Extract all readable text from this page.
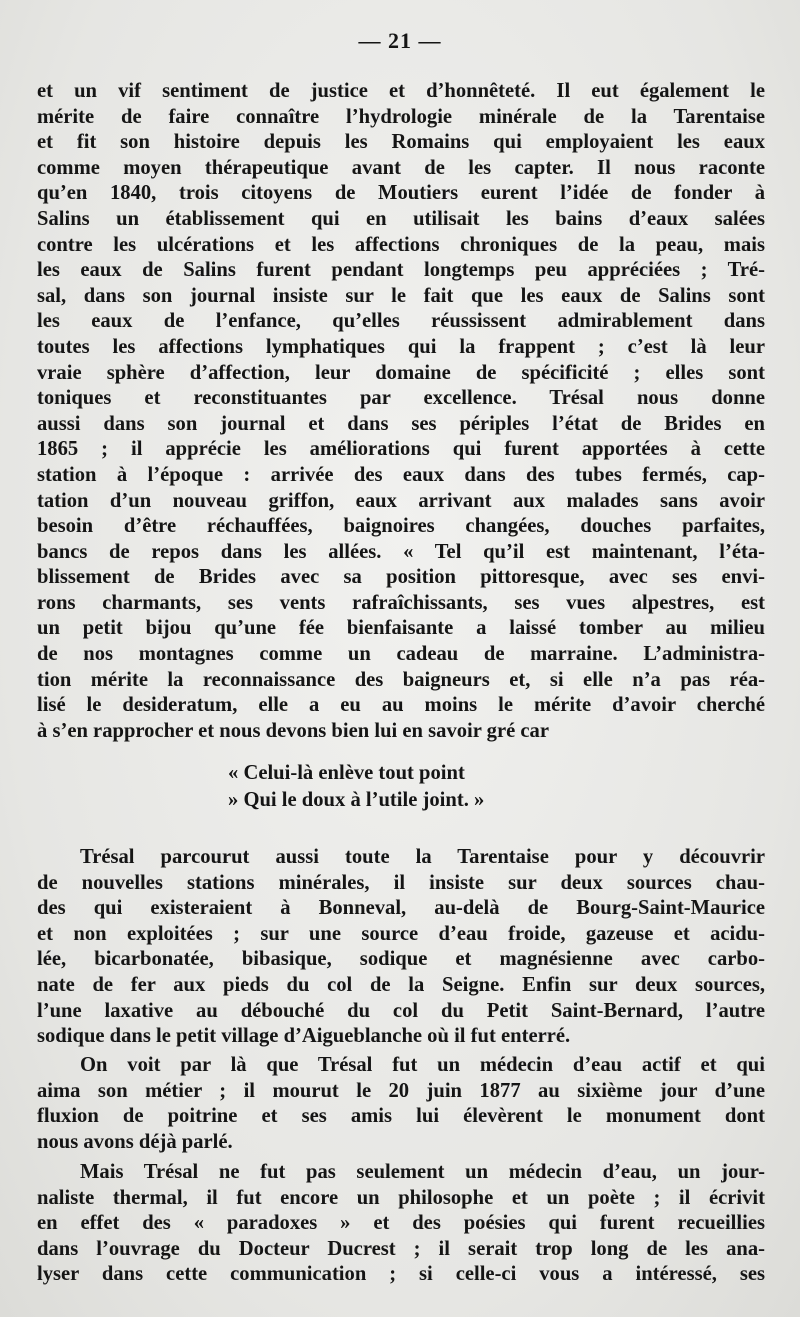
— 21 —
et un vif sentiment de justice et d’honnêteté. Il eut également le
mérite de faire connaître l’hydrologie minérale de la Tarentaise
et fit son histoire depuis les Romains qui employaient les eaux
comme moyen thérapeutique avant de les capter. Il nous raconte
qu’en 1840, trois citoyens de Moutiers eurent l’idée de fonder à
Salins un établissement qui en utilisait les bains d’eaux salées
contre les ulcérations et les affections chroniques de la peau, mais
les eaux de Salins furent pendant longtemps peu appréciées ; Tré-
sal, dans son journal insiste sur le fait que les eaux de Salins sont
les eaux de l’enfance, qu’elles réussissent admirablement dans
toutes les affections lymphatiques qui la frappent ; c’est là leur
vraie sphère d’affection, leur domaine de spécificité ; elles sont
toniques et reconstituantes par excellence. Trésal nous donne
aussi dans son journal et dans ses périples l’état de Brides en
1865 ; il apprécie les améliorations qui furent apportées à cette
station à l’époque : arrivée des eaux dans des tubes fermés, cap-
tation d’un nouveau griffon, eaux arrivant aux malades sans avoir
besoin d’être réchauffées, baignoires changées, douches parfaites,
bancs de repos dans les allées. « Tel qu’il est maintenant, l’éta-
blissement de Brides avec sa position pittoresque, avec ses envi-
rons charmants, ses vents rafraîchissants, ses vues alpestres, est
un petit bijou qu’une fée bienfaisante a laissé tomber au milieu
de nos montagnes comme un cadeau de marraine. L’administra-
tion mérite la reconnaissance des baigneurs et, si elle n’a pas réa-
lisé le desideratum, elle a eu au moins le mérite d’avoir cherché
à s’en rapprocher et nous devons bien lui en savoir gré car
« Celui-là enlève tout point
» Qui le doux à l’utile joint. »
Trésal parcourut aussi toute la Tarentaise pour y découvrir
de nouvelles stations minérales, il insiste sur deux sources chau-
des qui existeraient à Bonneval, au-delà de Bourg-Saint-Maurice
et non exploitées ; sur une source d’eau froide, gazeuse et acidu-
lée, bicarbonatée, bibasique, sodique et magnésienne avec carbo-
nate de fer aux pieds du col de la Seigne. Enfin sur deux sources,
l’une laxative au débouché du col du Petit Saint-Bernard, l’autre
sodique dans le petit village d’Aigueblanche où il fut enterré.
On voit par là que Trésal fut un médecin d’eau actif et qui
aima son métier ; il mourut le 20 juin 1877 au sixième jour d’une
fluxion de poitrine et ses amis lui élevèrent le monument dont
nous avons déjà parlé.
Mais Trésal ne fut pas seulement un médecin d’eau, un jour-
naliste thermal, il fut encore un philosophe et un poète ; il écrivit
en effet des « paradoxes » et des poésies qui furent recueillies
dans l’ouvrage du Docteur Ducrest ; il serait trop long de les ana-
lyser dans cette communication ; si celle-ci vous a intéressé, ses
